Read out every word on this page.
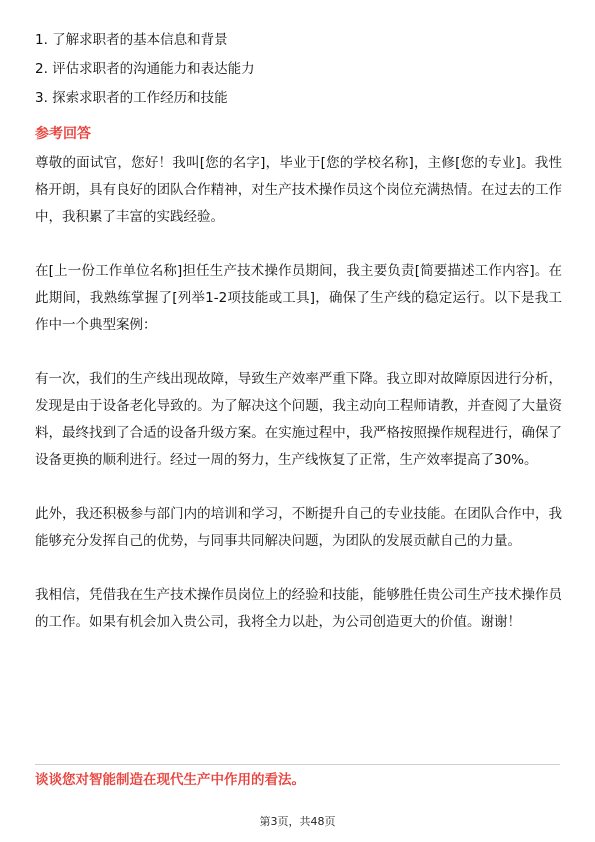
1. 了解求职者的基本信息和背景
2. 评估求职者的沟通能力和表达能力
3. 探索求职者的工作经历和技能
参考回答

尊敬的面试官，您好！我叫[您的名字]，毕业于[您的学校名称]，主修[您的专业]。我性格开朗，具有良好的团队合作精神，对生产技术操作员这个岗位充满热情。在过去的工作中，我积累了丰富的实践经验。

在[上一份工作单位名称]担任生产技术操作员期间，我主要负责[简要描述工作内容]。在此期间，我熟练掌握了[列举1-2项技能或工具]，确保了生产线的稳定运行。以下是我工作中一个典型案例：

有一次，我们的生产线出现故障，导致生产效率严重下降。我立即对故障原因进行分析，发现是由于设备老化导致的。为了解决这个问题，我主动向工程师请教，并查阅了大量资料，最终找到了合适的设备升级方案。在实施过程中，我严格按照操作规程进行，确保了设备更换的顺利进行。经过一周的努力，生产线恢复了正常，生产效率提高了30%。

此外，我还积极参与部门内的培训和学习，不断提升自己的专业技能。在团队合作中，我能够充分发挥自己的优势，与同事共同解决问题，为团队的发展贡献自己的力量。

我相信，凭借我在生产技术操作员岗位上的经验和技能，能够胜任贵公司生产技术操作员的工作。如果有机会加入贵公司，我将全力以赴，为公司创造更大的价值。谢谢！

谈谈您对智能制造在现代生产中作用的看法。
第3页，共48页
